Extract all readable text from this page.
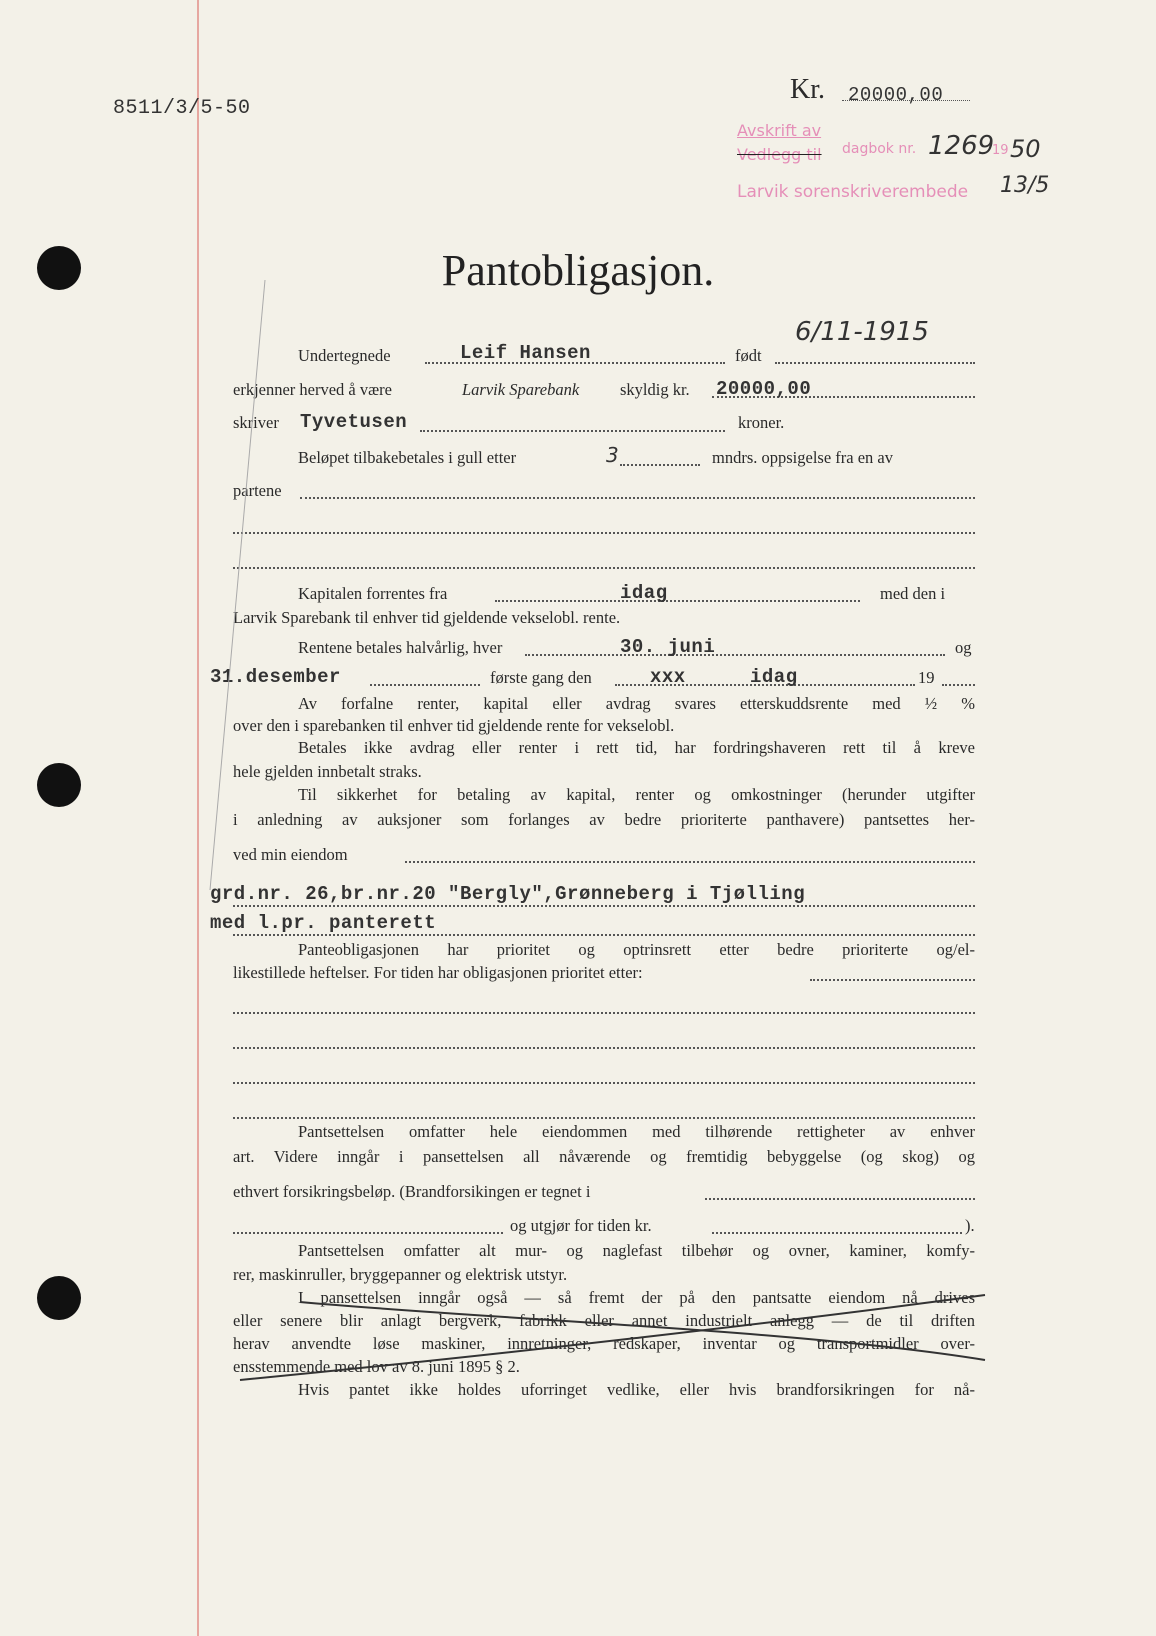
8511/3/5-50
Kr. 20000,00
Avskrift av
Vedlegg til dagbok nr. 1269
19 50
Larvik sorenskriverembede 13/5
Pantobligasjon.
Undertegnede	Leif Hansen	født
6/11-1915
erkjenner herved å være	Larvik Sparebank skyldig kr. 20000,00
skriver Tyvetusen	kroner.
Beløpet tilbakebetales i gull etter	3	mndrs. oppsigelse fra en av
partene
Kapitalen forrentes fra	idag	med den i
Larvik Sparebank til enhver tid gjeldende vekselobl. rente.
Rentene betales halvårlig, hver	og
30. juni
31.desember	første gang den	xxx	idag	19
Av forfalne renter, kapital eller avdrag svares etterskuddsrente med ½ %
over den i sparebanken til enhver tid gjeldende rente for vekselobl.
Betales ikke avdrag eller renter i rett tid, har fordringshaveren rett til å kreve
hele gjelden innbetalt straks.
Til sikkerhet for betaling av kapital, renter og omkostninger (herunder utgifter
i anledning av auksjoner som forlanges av bedre prioriterte panthavere) pantsettes her-
ved min eiendom
grd.nr. 26,br.nr.20 "Bergly",Grønneberg i Tjølling
med l.pr. panterett
Panteobligasjonen har prioritet og optrinsrett etter bedre prioriterte og/el-
likestillede heftelser. For tiden har obligasjonen prioritet etter:
Pantsettelsen omfatter hele eiendommen med tilhørende rettigheter av enhver
art. Videre inngår i pansettelsen all nåværende og fremtidig bebyggelse (og skog) og
ethvert forsikringsbeløp. (Brandforsikingen er tegnet i
og utgjør for tiden kr.	).
Pantsettelsen omfatter alt mur- og naglefast tilbehør og ovner, kaminer, komfy-
rer, maskinruller, bryggepanner og elektrisk utstyr.
I pansettelsen inngår også — så fremt der på den pantsatte eiendom nå drives
eller senere blir anlagt bergverk, fabrikk eller annet industrielt anlegg — de til driften
herav anvendte løse maskiner, innretninger, redskaper, inventar og transportmidler over-
ensstemmende med lov av 8. juni 1895 § 2.
Hvis pantet ikke holdes uforringet vedlike, eller hvis brandforsikringen for nå-
